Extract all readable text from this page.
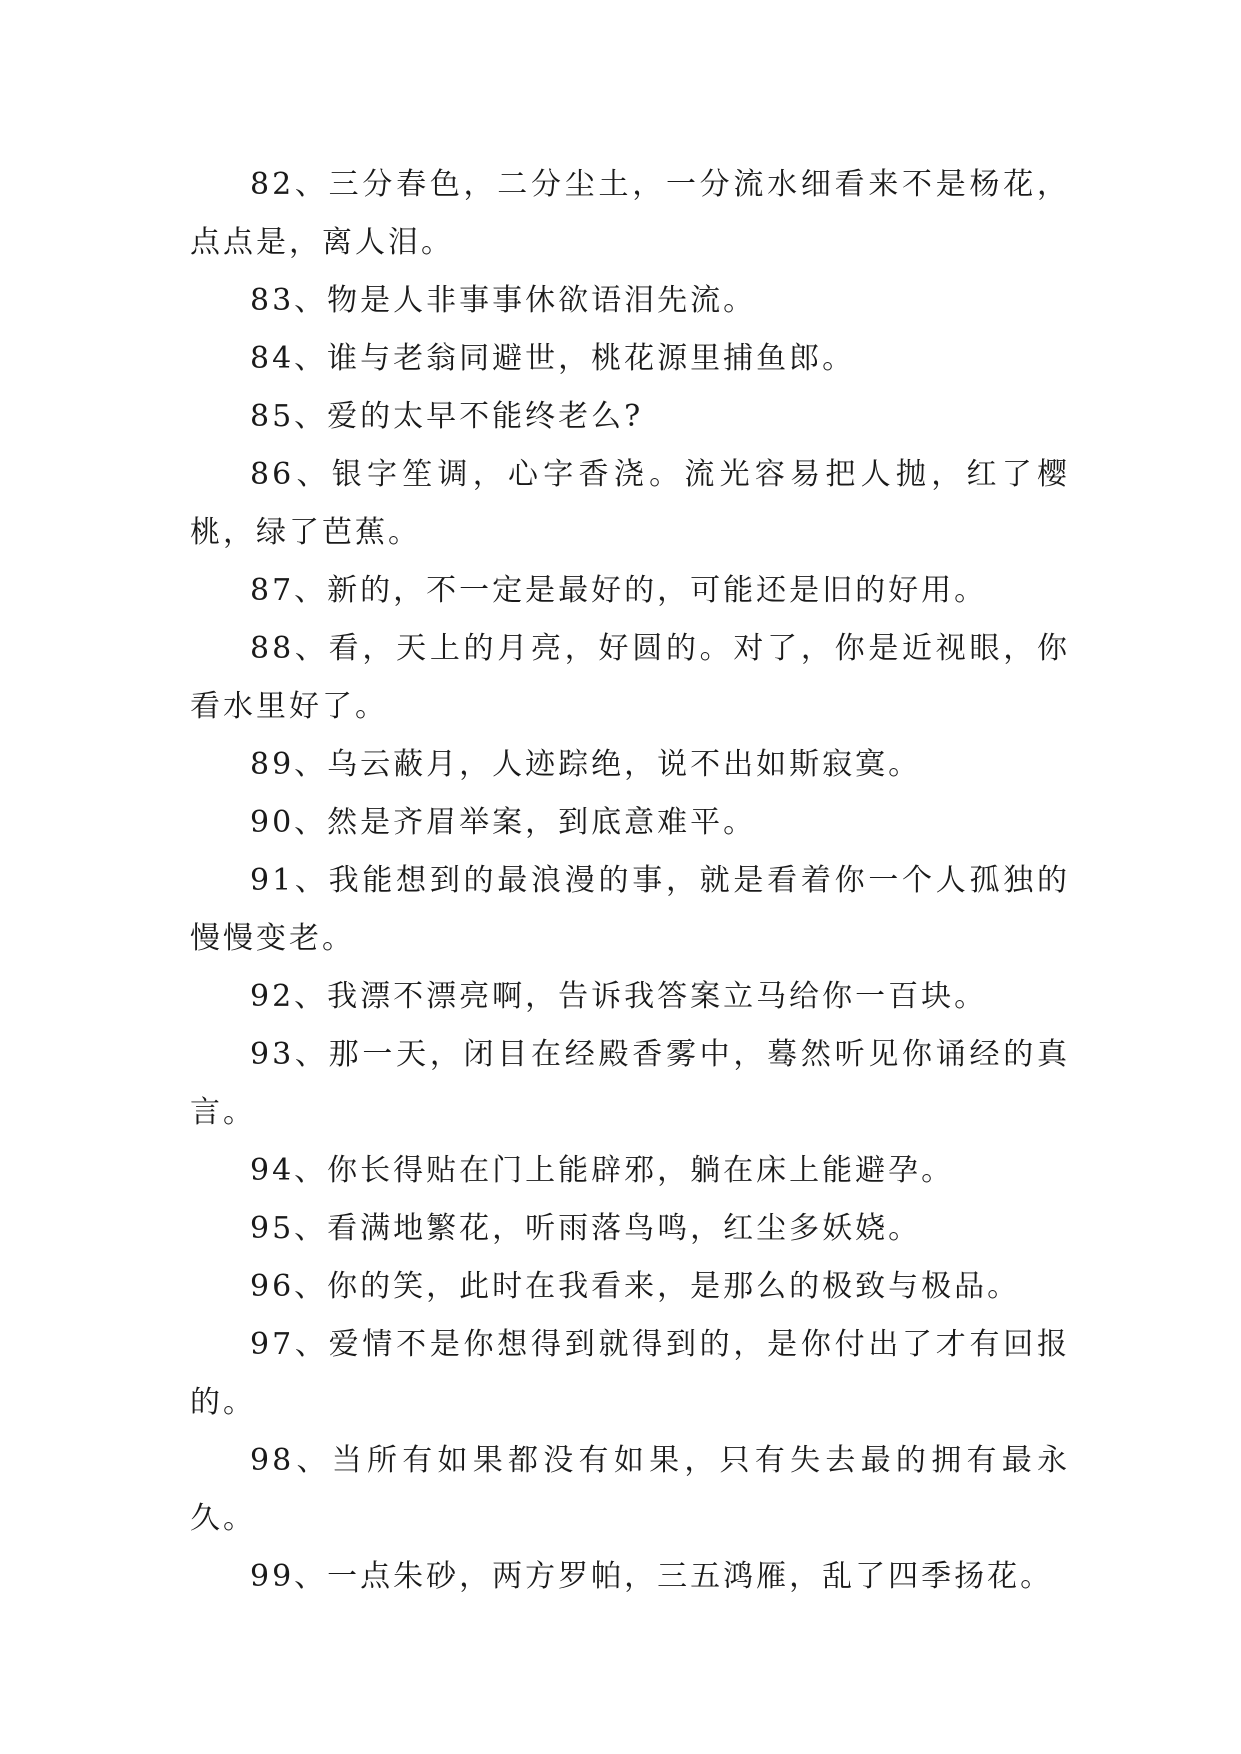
82、三分春色，二分尘土，一分流水细看来不是杨花，点点是，离人泪。

83、物是人非事事休欲语泪先流。

84、谁与老翁同避世，桃花源里捕鱼郎。

85、爱的太早不能终老么?

86、银字笙调，心字香浇。流光容易把人抛，红了樱桃，绿了芭蕉。

87、新的，不一定是最好的，可能还是旧的好用。

88、看，天上的月亮，好圆的。对了，你是近视眼，你看水里好了。

89、乌云蔽月，人迹踪绝，说不出如斯寂寞。

90、然是齐眉举案，到底意难平。

91、我能想到的最浪漫的事，就是看着你一个人孤独的慢慢变老。

92、我漂不漂亮啊，告诉我答案立马给你一百块。

93、那一天，闭目在经殿香雾中，蓦然听见你诵经的真言。

94、你长得贴在门上能辟邪，躺在床上能避孕。

95、看满地繁花，听雨落鸟鸣，红尘多妖娆。

96、你的笑，此时在我看来，是那么的极致与极品。

97、爱情不是你想得到就得到的，是你付出了才有回报的。

98、当所有如果都没有如果，只有失去最的拥有最永久。

99、一点朱砂，两方罗帕，三五鸿雁，乱了四季扬花。
